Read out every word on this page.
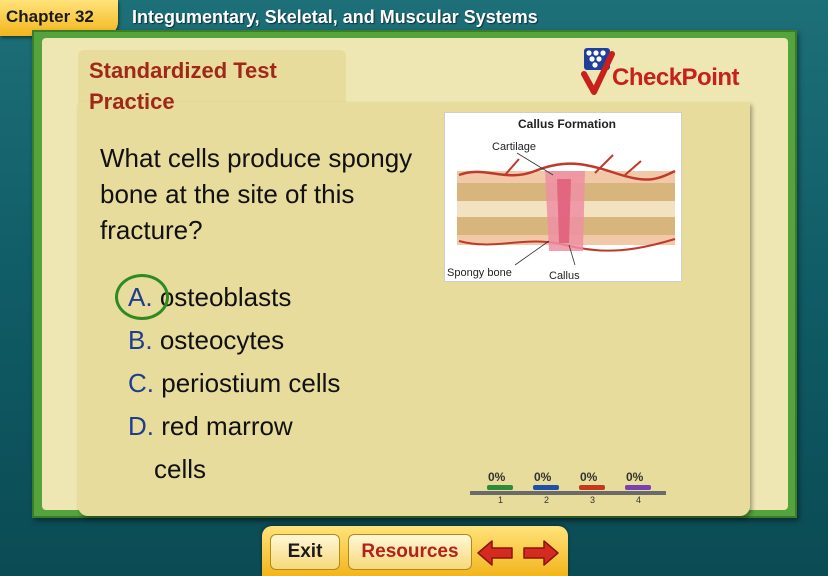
Chapter 32 Integumentary, Skeletal, and Muscular Systems
Standardized Test
Practice
CheckPoint
What cells produce spongy bone at the site of this fracture?
A. osteoblasts
B. osteocytes
C. periostium cells
D. red marrow
cells
Callus Formation
Cartilage
Spongy bone	Callus
0% 0% 0% 0%
1	2	3	4
Exit	Resources
